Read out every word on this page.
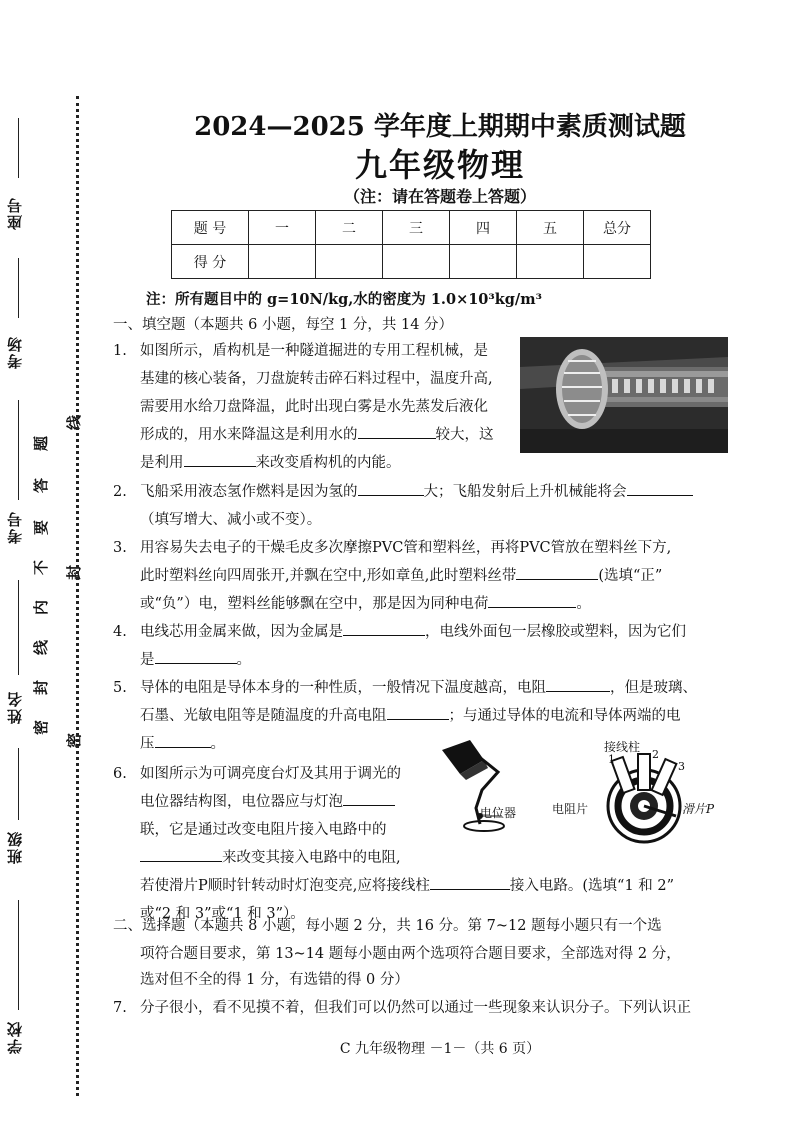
座号
考场
考号
姓名
班级
学校
密
封
线
内
不
要
答
题
线
封
密
2024—2025 学年度上期期中素质测试题
九年级物理
（注：请在答题卷上答题）
题 号	一	二	三	四	五	总分
得 分						
注：所有题目中的 g=10N/kg,水的密度为 1.0×10³kg/m³
一、填空题（本题共 6 小题，每空 1 分，共 14 分）
1. 如图所示，盾构机是一种隧道掘进的专用工程机械，是
基建的核心装备，刀盘旋转击碎石料过程中，温度升高,
需要用水给刀盘降温，此时出现白雾是水先蒸发后液化
形成的，用水来降温这是利用水的	较大，这
是利用	来改变盾构机的内能。
2. 飞船采用液态氢作燃料是因为氢的	大；飞船发射后上升机械能将会
（填写增大、减小或不变）。
3. 用容易失去电子的干燥毛皮多次摩擦PVC管和塑料丝，再将PVC管放在塑料丝下方,
此时塑料丝向四周张开,并飘在空中,形如章鱼,此时塑料丝带	(选填“正”
或“负”）电，塑料丝能够飘在空中，那是因为同种电荷	。
4. 电线芯用金属来做，因为金属是	，电线外面包一层橡胶或塑料，因为它们
是	。
5. 导体的电阻是导体本身的一种性质，一般情况下温度越高，电阻	，但是玻璃、
石墨、光敏电阻等是随温度的升高电阻	；与通过导体的电流和导体两端的电
压	。
6. 如图所示为可调亮度台灯及其用于调光的
电位器结构图，电位器应与灯泡
联，它是通过改变电阻片接入电路中的
来改变其接入电路中的电阻,
若使滑片P顺时针转动时灯泡变亮,应将接线柱	接入电路。(选填“1 和 2”
或“2 和 3”或“1 和 3”）。
电位器
接线柱
1	2
3
电阻片	滑片P
二、选择题（本题共 8 小题，每小题 2 分，共 16 分。第 7~12 题每小题只有一个选
项符合题目要求，第 13~14 题每小题由两个选项符合题目要求，全部选对得 2 分，
选对但不全的得 1 分，有选错的得 0 分）
7. 分子很小，看不见摸不着，但我们可以仍然可以通过一些现象来认识分子。下列认识正
C 九年级物理 －1－（共 6 页）
